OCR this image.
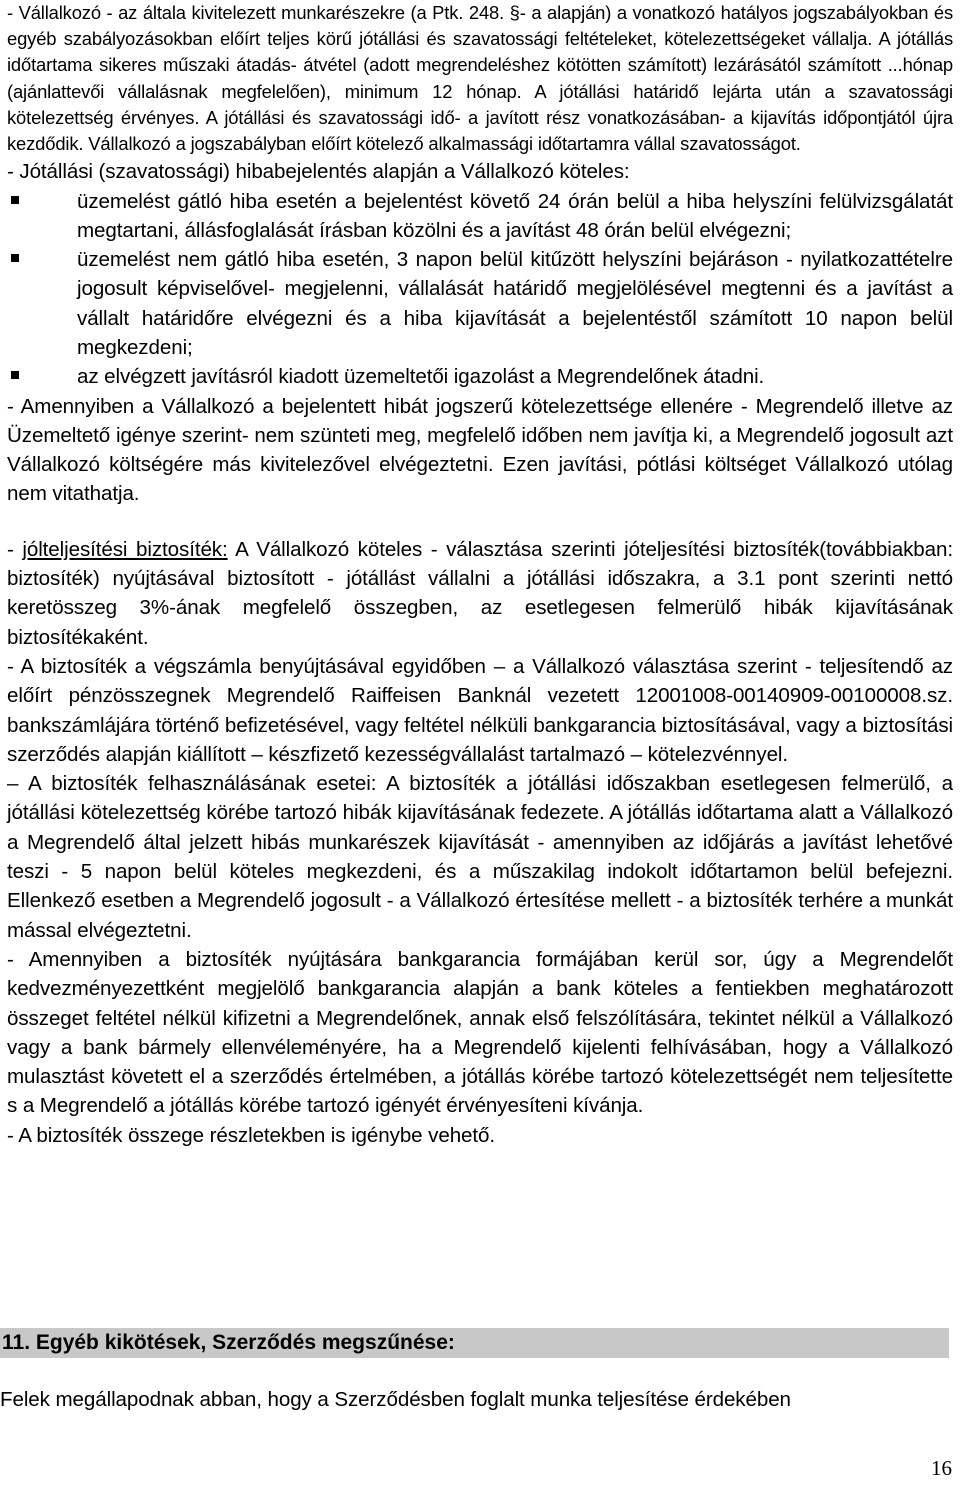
- Vállalkozó - az általa kivitelezett munkarészekre (a Ptk. 248. §- a alapján) a vonatkozó hatályos jogszabályokban és egyéb szabályozásokban előírt teljes körű jótállási és szavatossági feltételeket, kötelezettségeket vállalja. A jótállás időtartama sikeres műszaki átadás- átvétel (adott megrendeléshez kötötten számított) lezárásától számított ...hónap (ajánlattevői vállalásnak megfelelően), minimum 12 hónap. A jótállási határidő lejárta után a szavatossági kötelezettség érvényes. A jótállási és szavatossági idő- a javított rész vonatkozásában- a kijavítás időpontjától újra kezdődik. Vállalkozó a jogszabályban előírt kötelező alkalmassági időtartamra vállal szavatosságot.

- Jótállási (szavatossági) hibabejelentés alapján a Vállalkozó köteles:

üzemelést gátló hiba esetén a bejelentést követő 24 órán belül a hiba helyszíni felülvizsgálatát megtartani, állásfoglalását írásban közölni és a javítást 48 órán belül elvégezni;
üzemelést nem gátló hiba esetén, 3 napon belül kitűzött helyszíni bejáráson - nyilatkozattételre jogosult képviselővel- megjelenni, vállalását határidő megjelölésével megtenni és a javítást a vállalt határidőre elvégezni és a hiba kijavítását a bejelentéstől számított 10 napon belül megkezdeni;
az elvégzett javításról kiadott üzemeltetői igazolást a Megrendelőnek átadni.

- Amennyiben a Vállalkozó a bejelentett hibát jogszerű kötelezettsége ellenére - Megrendelő illetve az Üzemeltető igénye szerint- nem szünteti meg, megfelelő időben nem javítja ki, a Megrendelő jogosult azt Vállalkozó költségére más kivitelezővel elvégeztetni. Ezen javítási, pótlási költséget Vállalkozó utólag nem vitathatja.

- jólteljesítési biztosíték: A Vállalkozó köteles - választása szerinti jóteljesítési biztosíték(továbbiakban: biztosíték) nyújtásával biztosított - jótállást vállalni a jótállási időszakra, a 3.1 pont szerinti nettó keretösszeg 3%-ának megfelelő összegben, az esetlegesen felmerülő hibák kijavításának biztosítékaként.

- A biztosíték a végszámla benyújtásával egyidőben – a Vállalkozó választása szerint - teljesítendő az előírt pénzösszegnek Megrendelő Raiffeisen Banknál vezetett 12001008-00140909-00100008.sz. bankszámlájára történő befizetésével, vagy feltétel nélküli bankgarancia biztosításával, vagy a biztosítási szerződés alapján kiállított – készfizető kezességvállalást tartalmazó – kötelezvénnyel.

– A biztosíték felhasználásának esetei: A biztosíték a jótállási időszakban esetlegesen felmerülő, a jótállási kötelezettség körébe tartozó hibák kijavításának fedezete. A jótállás időtartama alatt a Vállalkozó a Megrendelő által jelzett hibás munkarészek kijavítását - amennyiben az időjárás a javítást lehetővé teszi - 5 napon belül köteles megkezdeni, és a műszakilag indokolt időtartamon belül befejezni. Ellenkező esetben a Megrendelő jogosult - a Vállalkozó értesítése mellett - a biztosíték terhére a munkát mással elvégeztetni.

- Amennyiben a biztosíték nyújtására bankgarancia formájában kerül sor, úgy a Megrendelőt kedvezményezettként megjelölő bankgarancia alapján a bank köteles a fentiekben meghatározott összeget feltétel nélkül kifizetni a Megrendelőnek, annak első felszólítására, tekintet nélkül a Vállalkozó vagy a bank bármely ellenvéleményére, ha a Megrendelő kijelenti felhívásában, hogy a Vállalkozó mulasztást követett el a szerződés értelmében, a jótállás körébe tartozó kötelezettségét nem teljesítette s a Megrendelő a jótállás körébe tartozó igényét érvényesíteni kívánja.

- A biztosíték összege részletekben is igénybe vehető.

11. Egyéb kikötések, Szerződés megszűnése:

Felek megállapodnak abban, hogy a Szerződésben foglalt munka teljesítése érdekében

16
